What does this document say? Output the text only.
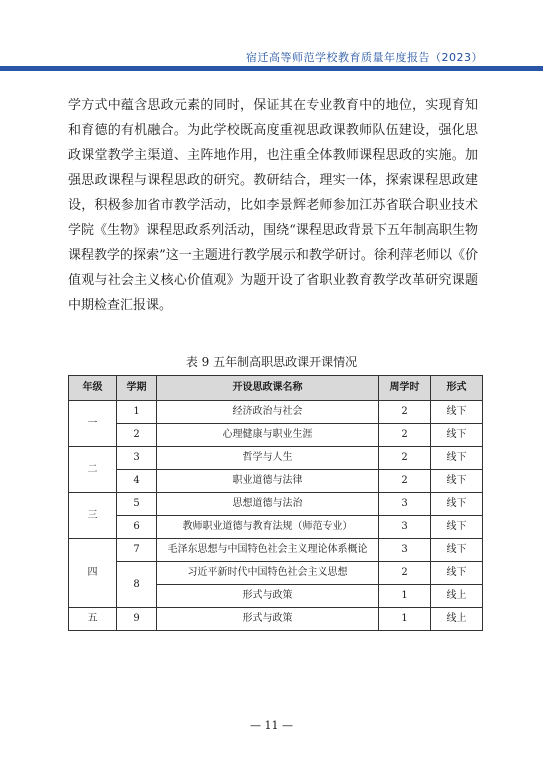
宿迁高等师范学校教育质量年度报告（2023）

学方式中蕴含思政元素的同时，保证其在专业教育中的地位，实现育知和育德的有机融合。为此学校既高度重视思政课教师队伍建设，强化思政课堂教学主渠道、主阵地作用，也注重全体教师课程思政的实施。加强思政课程与课程思政的研究。教研结合，理实一体，探索课程思政建设，积极参加省市教学活动，比如李景辉老师参加江苏省联合职业技术学院《生物》课程思政系列活动，围绕“课程思政背景下五年制高职生物课程教学的探索”这一主题进行教学展示和教学研讨。徐利萍老师以《价值观与社会主义核心价值观》为题开设了省职业教育教学改革研究课题中期检查汇报课。

表 9 五年制高职思政课开课情况
年级	学期	开设思政课名称	周学时	形式
一	1	经济政治与社会	2	线下
	2	心理健康与职业生涯	2	线下
二	3	哲学与人生	2	线下
	4	职业道德与法律	2	线下
三	5	思想道德与法治	3	线下
	6	教师职业道德与教育法规（师范专业）	3	线下
四	7	毛泽东思想与中国特色社会主义理论体系概论	3	线下
	8	习近平新时代中国特色社会主义思想	2	线下
		形式与政策	1	线上
五	9	形式与政策	1	线上
— 11 —
